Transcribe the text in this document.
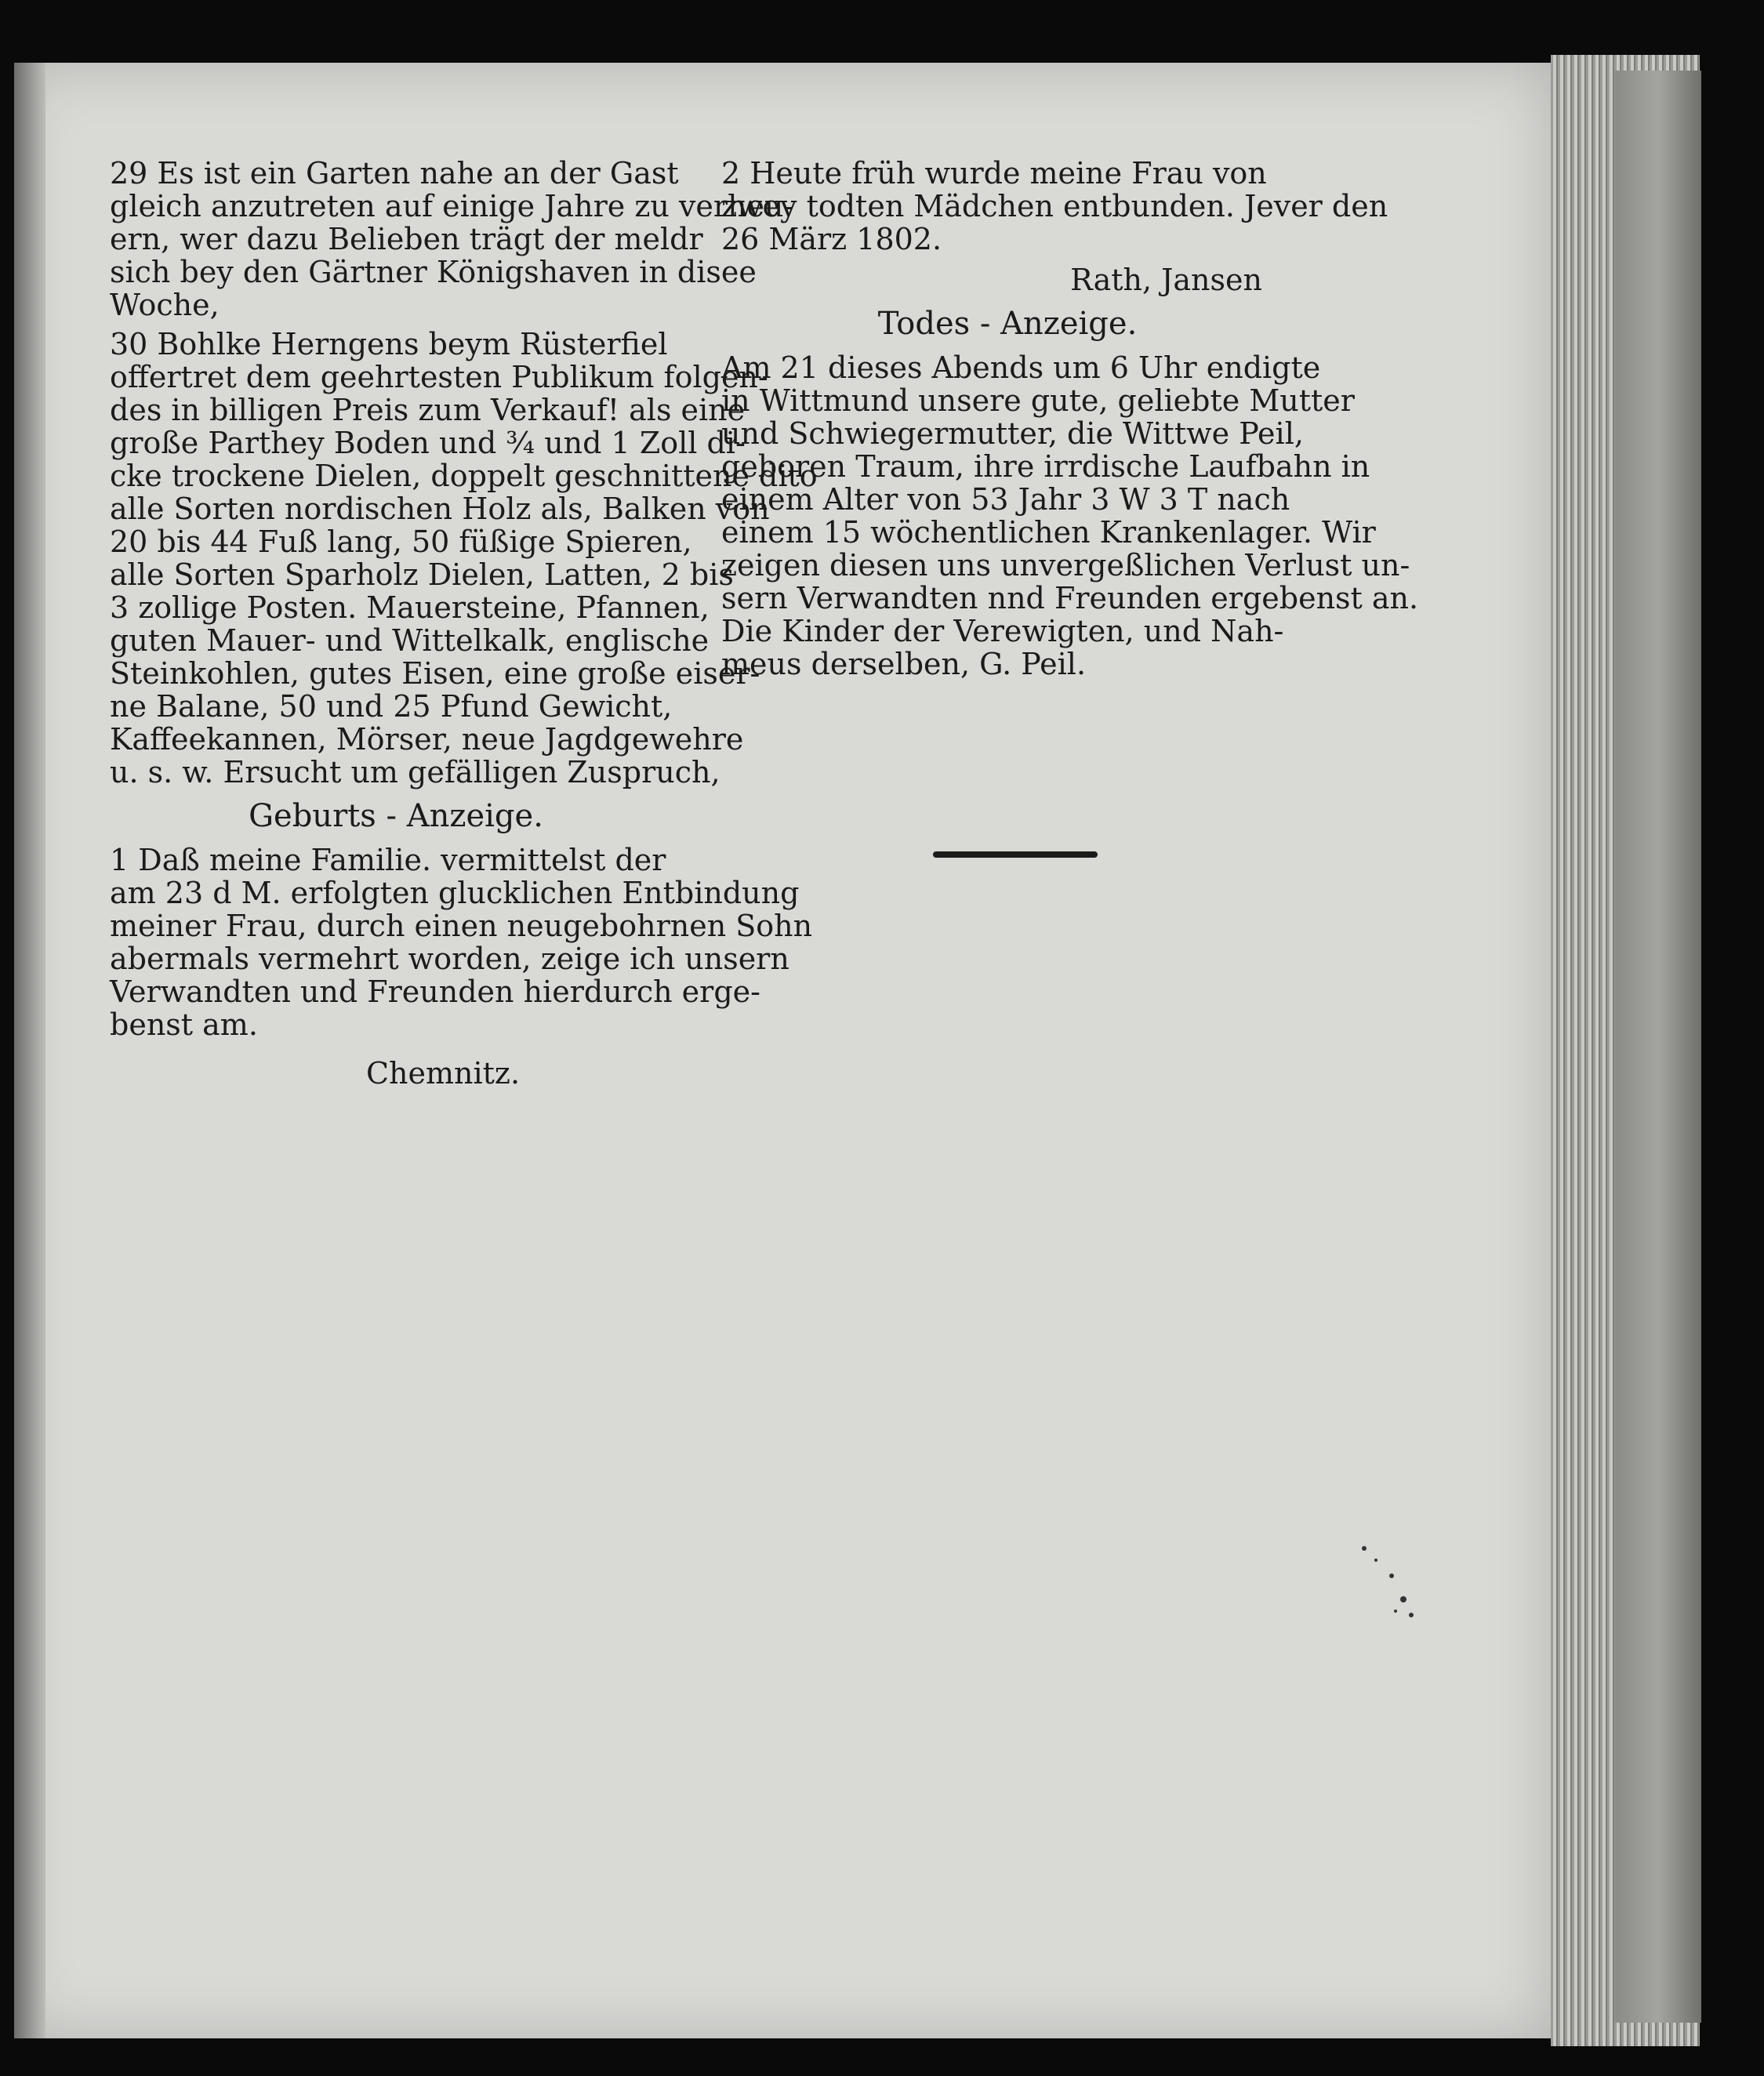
29 Es ist ein Garten nahe an der Gast
gleich anzutreten auf einige Jahre zu verheu-
ern, wer dazu Belieben trägt der meldr
sich bey den Gärtner Königshaven in disee
Woche,
30 Bohlke Herngens beym Rüsterfiel
offertret dem geehrtesten Publikum folgen-
des in billigen Preis zum Verkauf! als eine
große Parthey Boden und ¾ und 1 Zoll di-
cke trockene Dielen, doppelt geschnittene dito
alle Sorten nordischen Holz als, Balken von
20 bis 44 Fuß lang, 50 füßige Spieren,
alle Sorten Sparholz Dielen, Latten, 2 bis
3 zollige Posten. Mauersteine, Pfannen,
guten Mauer- und Wittelkalk, englische
Steinkohlen, gutes Eisen, eine große eiser-
ne Balane, 50 und 25 Pfund Gewicht,
Kaffeekannen, Mörser, neue Jagdgewehre
u. s. w. Ersucht um gefälligen Zuspruch,
Geburts - Anzeige.
1 Daß meine Familie. vermittelst der
am 23 d M. erfolgten glucklichen Entbindung
meiner Frau, durch einen neugebohrnen Sohn
abermals vermehrt worden, zeige ich unsern
Verwandten und Freunden hierdurch erge-
benst am.
Chemnitz.
2 Heute früh wurde meine Frau von
zwey todten Mädchen entbunden. Jever den
26 März 1802.
Rath, Jansen
Todes - Anzeige.
Am 21 dieses Abends um 6 Uhr endigte
in Wittmund unsere gute, geliebte Mutter
und Schwiegermutter, die Wittwe Peil,
geboren Traum, ihre irrdische Laufbahn in
einem Alter von 53 Jahr 3 W 3 T nach
einem 15 wöchentlichen Krankenlager. Wir
zeigen diesen uns unvergeßlichen Verlust un-
sern Verwandten nnd Freunden ergebenst an.
Die Kinder der Verewigten, und Nah-
meus derselben, G. Peil.
